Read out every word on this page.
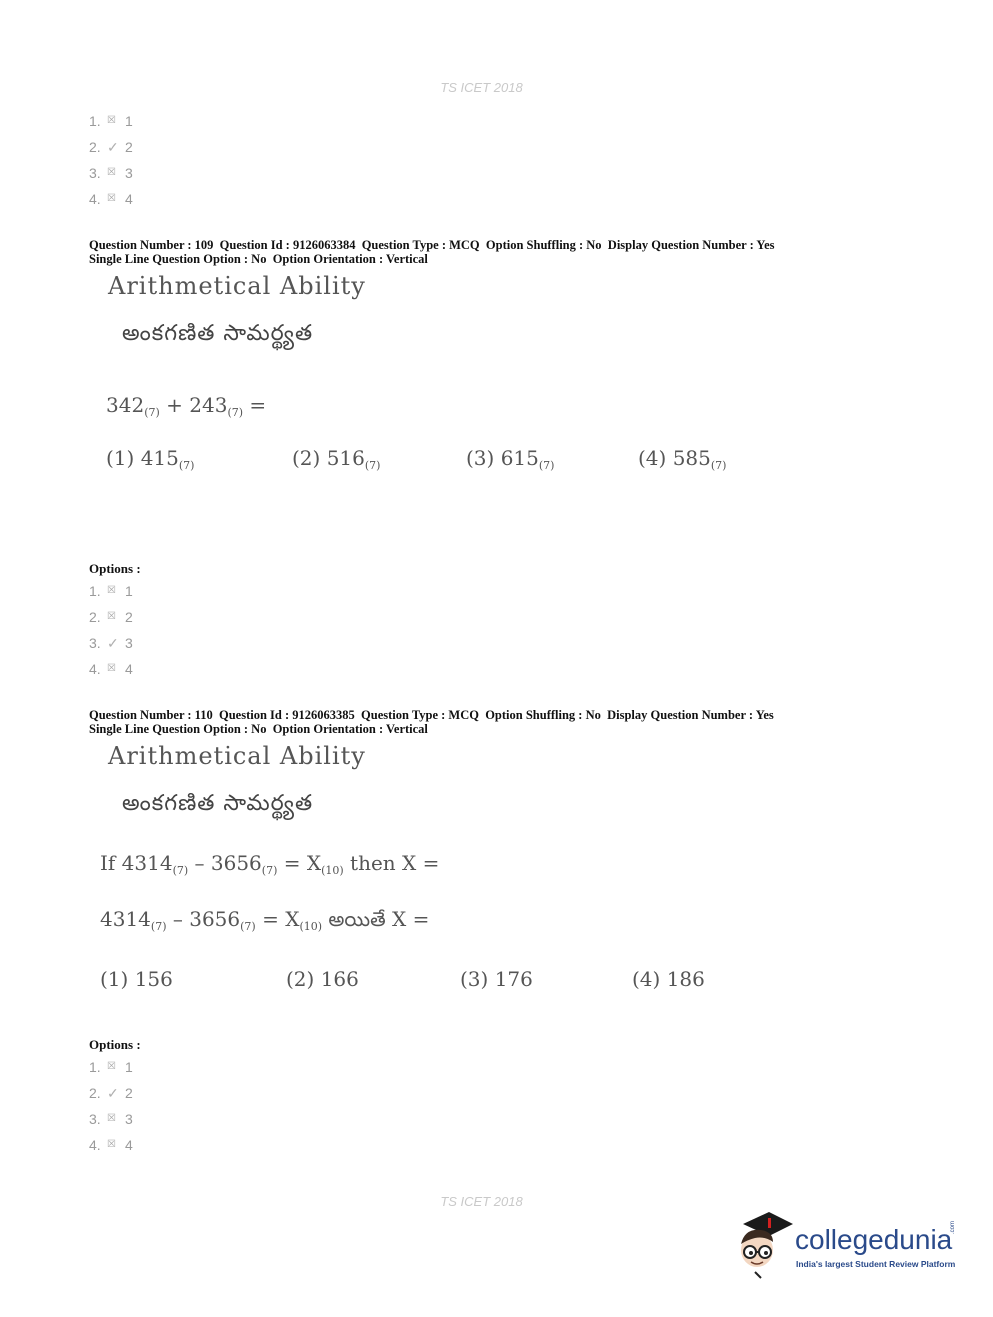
TS ICET 2018
1. ☒ 1
2. ✓ 2
3. ☒ 3
4. ☒ 4
Question Number : 109  Question Id : 9126063384  Question Type : MCQ  Option Shuffling : No  Display Question Number : Yes
Single Line Question Option : No  Option Orientation : Vertical
Arithmetical Ability
అంకగణిత సామర్థ్యత
$342_{(7)} + 243_{(7)}$ =
(1) $415_{(7)}$	(2) $516_{(7)}$	(3) $615_{(7)}$	(4) $585_{(7)}$
Options :
1. ☒ 1
2. ☒ 2
3. ✓ 3
4. ☒ 4
Question Number : 110  Question Id : 9126063385  Question Type : MCQ  Option Shuffling : No  Display Question Number : Yes
Single Line Question Option : No  Option Orientation : Vertical
Arithmetical Ability
అంకగణిత సామర్థ్యత
If $4314_{(7)} - 3656_{(7)} = X_{(10)}$ then X =
$4314_{(7)} - 3656_{(7)} = X_{(10)}$ అయితే X =
(1) 156	(2) 166	(3) 176	(4) 186
Options :
1. ☒ 1
2. ✓ 2
3. ☒ 3
4. ☒ 4
TS ICET 2018
collegedunia
.com
India's largest Student Review Platform
